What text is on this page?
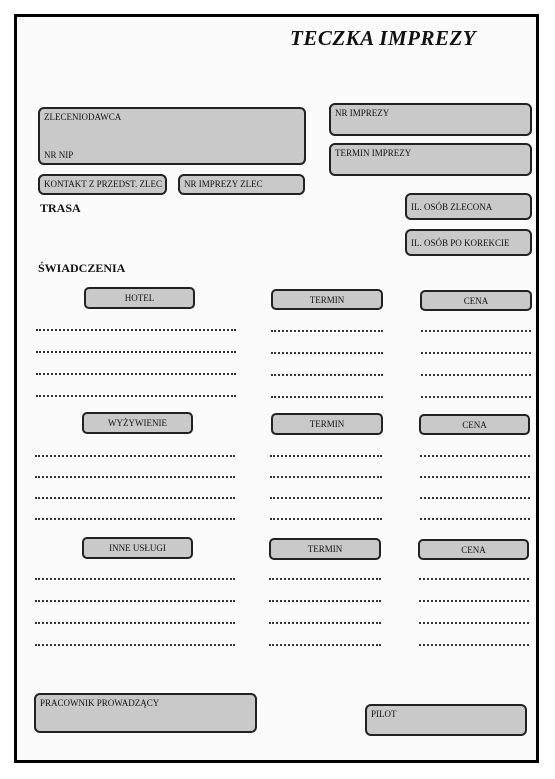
TECZKA IMPREZY
ZLECENIODAWCA
NR NIP
NR IMPREZY
TERMIN IMPREZY
KONTAKT Z PRZEDST. ZLEC NR IMPREZY ZLEC
TRASA	IL. OSÓB ZLECONA
IL. OSÓB PO KOREKCIE
ŚWIADCZENIA
HOTEL	TERMIN	CENA
WYŻYWIENIE	TERMIN	CENA
INNE USŁUGI	TERMIN	CENA
PRACOWNIK PROWADZĄCY
PILOT
